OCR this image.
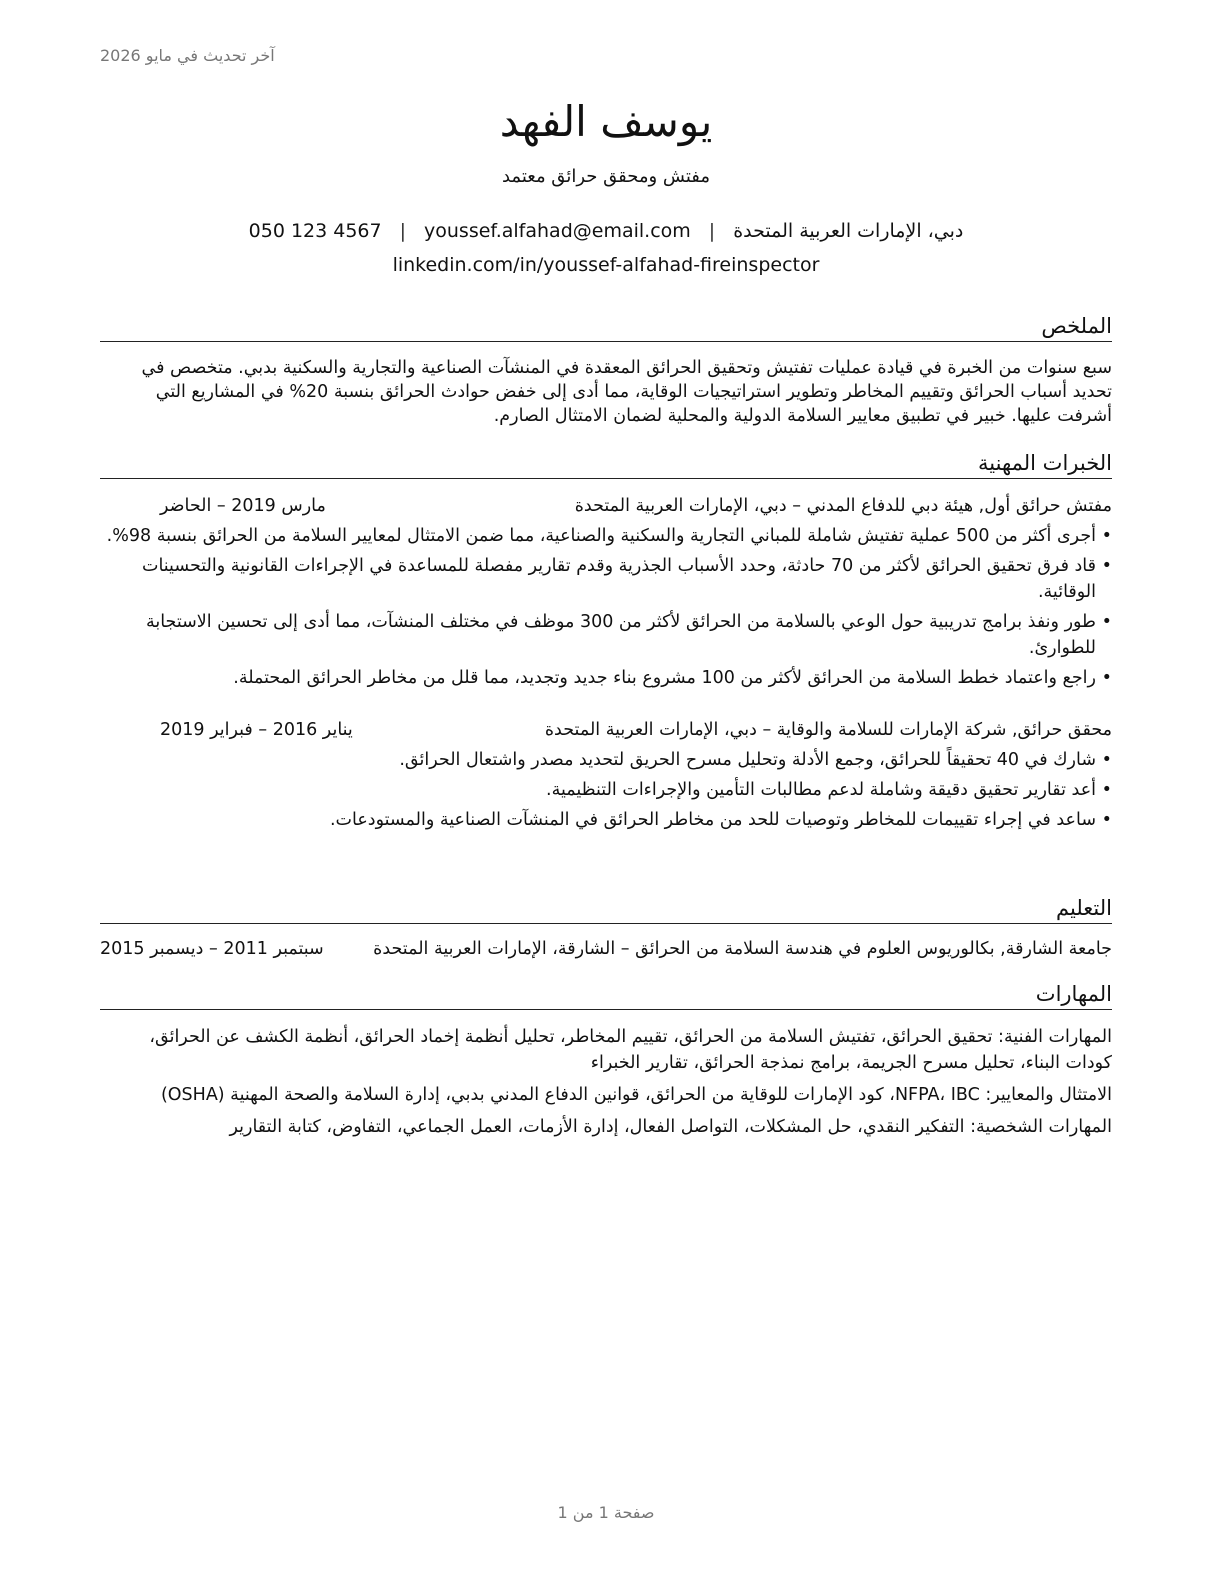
آخر تحديث في مايو 2026
يوسف الفهد
مفتش ومحقق حرائق معتمد
دبي، الإمارات العربية المتحدة
|
youssef.alfahad@email.com
|
050 123 4567
linkedin.com/in/youssef-alfahad-fireinspector
الملخص
سبع سنوات من الخبرة في قيادة عمليات تفتيش وتحقيق الحرائق المعقدة في المنشآت الصناعية والتجارية والسكنية بدبي. متخصص في تحديد أسباب الحرائق وتقييم المخاطر وتطوير استراتيجيات الوقاية، مما أدى إلى خفض حوادث الحرائق بنسبة 20% في المشاريع التي أشرفت عليها. خبير في تطبيق معايير السلامة الدولية والمحلية لضمان الامتثال الصارم.
الخبرات المهنية
مفتش حرائق أول, هيئة دبي للدفاع المدني – دبي، الإمارات العربية المتحدة
مارس 2019 – الحاضر
•
أجرى أكثر من 500 عملية تفتيش شاملة للمباني التجارية والسكنية والصناعية، مما ضمن الامتثال لمعايير السلامة من الحرائق بنسبة 98%.
•
قاد فرق تحقيق الحرائق لأكثر من 70 حادثة، وحدد الأسباب الجذرية وقدم تقارير مفصلة للمساعدة في الإجراءات القانونية والتحسينات الوقائية.
•
طور ونفذ برامج تدريبية حول الوعي بالسلامة من الحرائق لأكثر من 300 موظف في مختلف المنشآت، مما أدى إلى تحسين الاستجابة للطوارئ.
•
راجع واعتماد خطط السلامة من الحرائق لأكثر من 100 مشروع بناء جديد وتجديد، مما قلل من مخاطر الحرائق المحتملة.
محقق حرائق, شركة الإمارات للسلامة والوقاية – دبي، الإمارات العربية المتحدة
يناير 2016 – فبراير 2019
•
شارك في 40 تحقيقاً للحرائق، وجمع الأدلة وتحليل مسرح الحريق لتحديد مصدر واشتعال الحرائق.
•
أعد تقارير تحقيق دقيقة وشاملة لدعم مطالبات التأمين والإجراءات التنظيمية.
•
ساعد في إجراء تقييمات للمخاطر وتوصيات للحد من مخاطر الحرائق في المنشآت الصناعية والمستودعات.
التعليم
جامعة الشارقة, بكالوريوس العلوم في هندسة السلامة من الحرائق – الشارقة، الإمارات العربية المتحدة
سبتمبر 2011 – ديسمبر 2015
المهارات
المهارات الفنية: تحقيق الحرائق، تفتيش السلامة من الحرائق، تقييم المخاطر، تحليل أنظمة إخماد الحرائق، أنظمة الكشف عن الحرائق، كودات البناء، تحليل مسرح الجريمة، برامج نمذجة الحرائق، تقارير الخبراء
الامتثال والمعايير: NFPA، IBC، كود الإمارات للوقاية من الحرائق، قوانين الدفاع المدني بدبي، إدارة السلامة والصحة المهنية (OSHA)
المهارات الشخصية: التفكير النقدي، حل المشكلات، التواصل الفعال، إدارة الأزمات، العمل الجماعي، التفاوض، كتابة التقارير
صفحة 1 من 1
